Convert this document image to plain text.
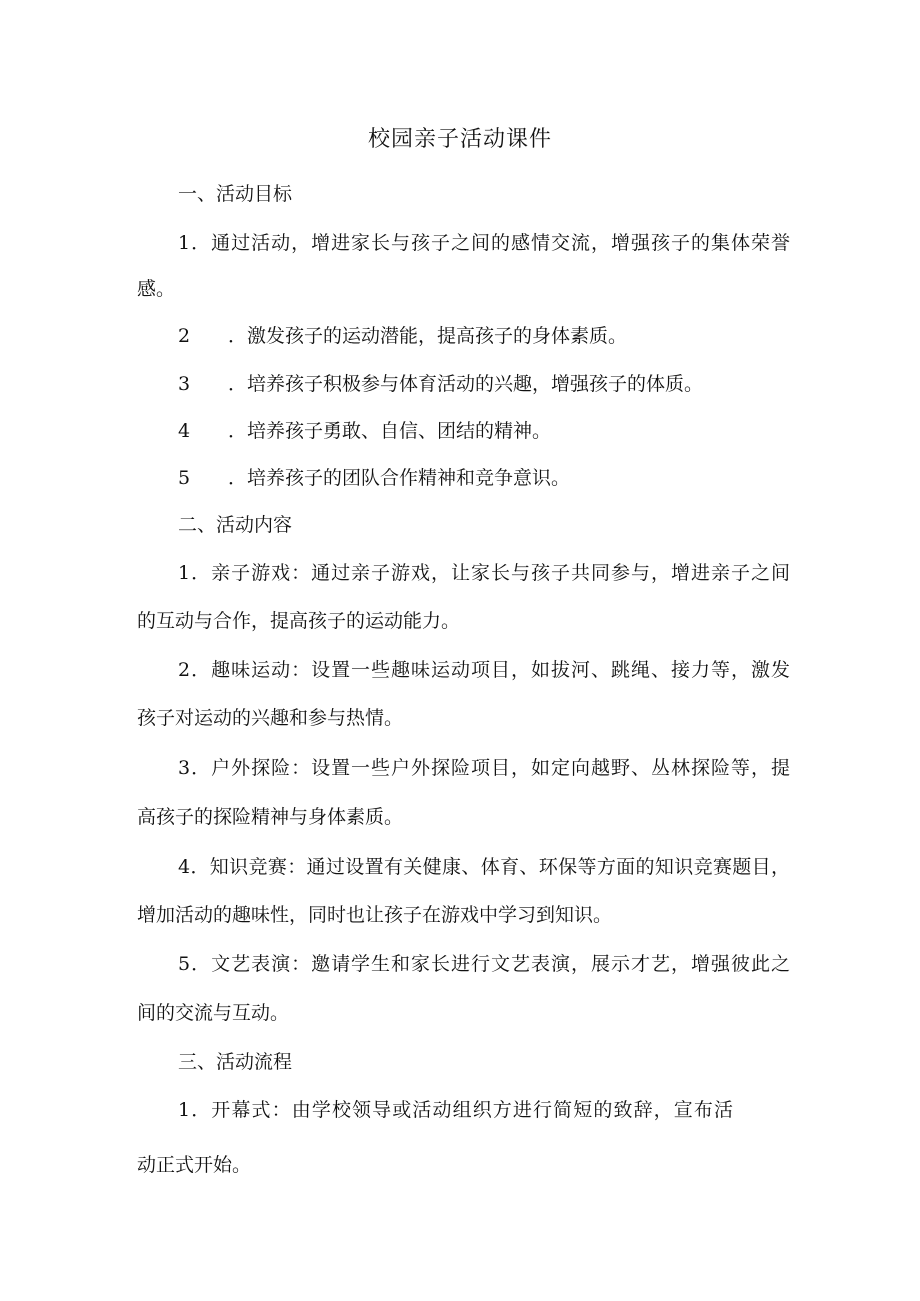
校园亲子活动课件
一、活动目标
1．通过活动，增进家长与孩子之间的感情交流，增强孩子的集体荣誉
感。
2 ．激发孩子的运动潜能，提高孩子的身体素质。
3 ．培养孩子积极参与体育活动的兴趣，增强孩子的体质。
4 ．培养孩子勇敢、自信、团结的精神。
5 ．培养孩子的团队合作精神和竞争意识。
二、活动内容
1．亲子游戏：通过亲子游戏，让家长与孩子共同参与，增进亲子之间
的互动与合作，提高孩子的运动能力。
2．趣味运动：设置一些趣味运动项目，如拔河、跳绳、接力等，激发
孩子对运动的兴趣和参与热情。
3．户外探险：设置一些户外探险项目，如定向越野、丛林探险等，提
高孩子的探险精神与身体素质。
4．知识竞赛：通过设置有关健康、体育、环保等方面的知识竞赛题目，
增加活动的趣味性，同时也让孩子在游戏中学习到知识。
5．文艺表演：邀请学生和家长进行文艺表演，展示才艺，增强彼此之
间的交流与互动。
三、活动流程
1．开幕式：由学校领导或活动组织方进行简短的致辞，宣布活
动正式开始。
